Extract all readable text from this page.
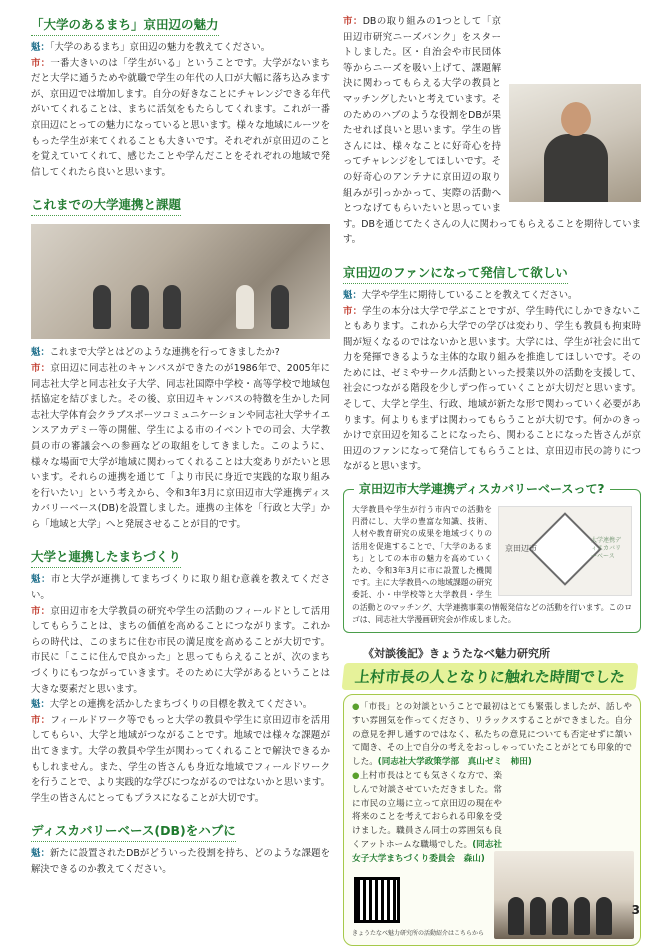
「大学のあるまち」京田辺の魅力

魁：「大学のあるまち」京田辺の魅力を教えてください。

市：一番大きいのは「学生がいる」ということです。大学がないまちだと大学に通うためや就職で学生の年代の人口が大幅に落ち込みますが、京田辺では増加します。自分の好きなことにチャレンジできる年代がいてくれることは、まちに活気をもたらしてくれます。これが一番京田辺にとっての魅力になっていると思います。様々な地域にルーツをもった学生が来てくれることも大きいです。それぞれが京田辺のことを覚えていてくれて、感じたことや学んだことをそれぞれの地域で発信してくれたら良いと思います。

これまでの大学連携と課題

魁：これまで大学とはどのような連携を行ってきましたか?

市：京田辺に同志社のキャンパスができたのが1986年で、2005年に同志社大学と同志社女子大学、同志社国際中学校・高等学校で地域包括協定を結びました。その後、京田辺キャンパスの特徴を生かした同志社大学体育会クラブスポーツコミュニケーションや同志社大学サイエンスアカデミー等の開催、学生による市のイベントでの司会、大学教員の市の審議会への参画などの取組をしてきました。このように、様々な場面で大学が地域に関わってくれることは大変ありがたいと思います。それらの連携を通じて「より市民に身近で実践的な取り組みを行いたい」という考えから、令和3年3月に京田辺市大学連携ディスカバリーベース(DB)を設置しました。連携の主体を「行政と大学」から「地域と大学」へと発展させることが目的です。

大学と連携したまちづくり

魁：市と大学が連携してまちづくりに取り組む意義を教えてください。

市：京田辺市を大学教員の研究や学生の活動のフィールドとして活用してもらうことは、まちの価値を高めることにつながります。これからの時代は、このまちに住む市民の満足度を高めることが大切です。市民に「ここに住んで良かった」と思ってもらえることが、次のまちづくりにもつながっていきます。そのために大学があるということは大きな要素だと思います。

魁：大学との連携を活かしたまちづくりの目標を教えてください。

市：フィールドワーク等でもっと大学の教員や学生に京田辺市を活用してもらい、大学と地域がつながることです。地域では様々な課題が出てきます。大学の教員や学生が関わってくれることで解決できるかもしれません。また、学生の皆さんも身近な地域でフィールドワークを行うことで、より実践的な学びにつながるのではないかと思います。学生の皆さんにとってもプラスになることが大切です。

ディスカバリーベース(DB)をハブに

魁：新たに設置されたDBがどういった役割を持ち、どのような課題を解決できるのか教えてください。

市：DBの取り組みの1つとして「京田辺市研究ニーズバンク」をスタートしました。区・自治会や市民団体等からニーズを吸い上げて、課題解決に関わってもらえる大学の教員とマッチングしたいと考えています。そのためのハブのような役割をDBが果たせれば良いと思います。学生の皆さんには、様々なことに好奇心を持ってチャレンジをしてほしいです。その好奇心のアンテナに京田辺の取り組みが引っかかって、実際の活動へとつなげてもらいたいと思っています。DBを通じてたくさんの人に関わってもらえることを期待しています。

京田辺のファンになって発信して欲しい

魁：大学や学生に期待していることを教えてください。

市：学生の本分は大学で学ぶことですが、学生時代にしかできないこともあります。これから大学での学びは変わり、学生も教員も拘束時間が短くなるのではないかと思います。大学には、学生が社会に出て力を発揮できるような主体的な取り組みを推進してほしいです。そのためには、ゼミやサークル活動といった授業以外の活動を支援して、社会につながる階段を少しずつ作っていくことが大切だと思います。そして、大学と学生、行政、地域が新たな形で関わっていく必要があります。何よりもまずは関わってもらうことが大切です。何かのきっかけで京田辺を知ることになったら、関わることになった皆さんが京田辺のファンになって発信してもらうことは、京田辺市民の誇りにつながると思います。

京田辺市大学連携ディスカバリーベースって?
京田辺市
大学連携ディスカバリーベース

大学教員や学生が行う市内での活動を円滑にし、大学の豊富な知識、技術、人材や教育研究の成果を地域づくりの活用を促進することで、「大学のあるまち」としての本市の魅力を高めていくため、令和3年3月に市に設置した機関です。主に大学教員への地域課題の研究委託、小・中学校等と大学教員・学生の活動とのマッチング、大学連携事業の情報発信などの活動を行います。このロゴは、同志社大学漫画研究会が作成しました。

《対談後記》きょうたなべ魅力研究所
上村市長の人となりに触れた時間でした

●「市長」との対談ということで最初はとても緊張しましたが、話しやすい雰囲気を作ってくださり、リラックスすることができました。自分の意見を押し通すのではなく、私たちの意見についても否定せずに頷いて聞き、その上で自分の考えをおっしゃっていたことがとても印象的でした。(同志社大学政策学部　真山ゼミ　柿田)

●上村市長はとても気さくな方で、楽しんで対談させていただきました。常に市民の立場に立って京田辺の現在や将来のことを考えておられる印象を受けました。職員さん同士の雰囲気も良くアットホームな職場でした。(同志社女子大学まちづくり委員会　森山)

きょうたなべ魅力研究所の活動紹介はこちらから
3
